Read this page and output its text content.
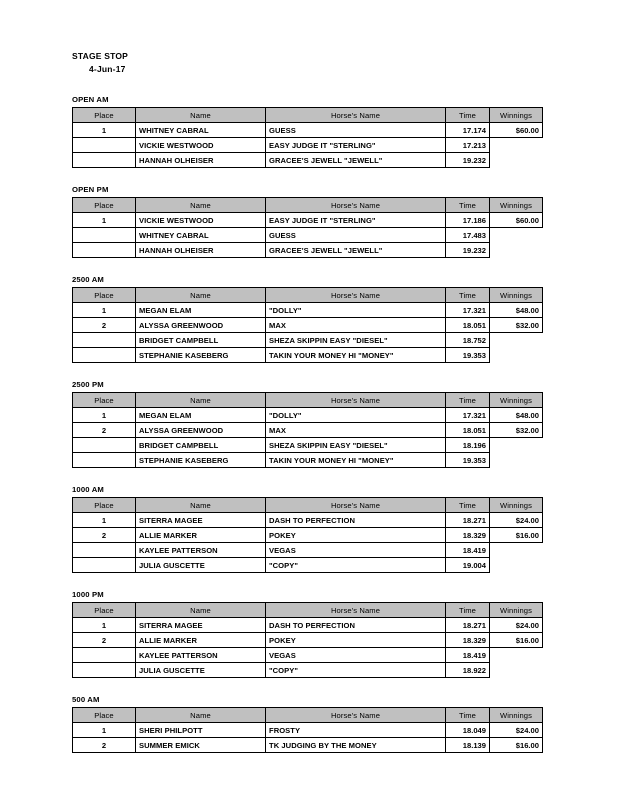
STAGE STOP
4-Jun-17
OPEN AM
Place	Name	Horse's Name	Time	Winnings
1	WHITNEY CABRAL	GUESS	17.174	$60.00
	VICKIE WESTWOOD	EASY JUDGE IT "STERLING"	17.213	
	HANNAH OLHEISER	GRACEE'S JEWELL "JEWELL"	19.232	
OPEN PM
Place	Name	Horse's Name	Time	Winnings
1	VICKIE WESTWOOD	EASY JUDGE IT "STERLING"	17.186	$60.00
	WHITNEY CABRAL	GUESS	17.483	
	HANNAH OLHEISER	GRACEE'S JEWELL "JEWELL"	19.232	
2500 AM
Place	Name	Horse's Name	Time	Winnings
1	MEGAN ELAM	"DOLLY"	17.321	$48.00
2	ALYSSA GREENWOOD	MAX	18.051	$32.00
	BRIDGET CAMPBELL	SHEZA SKIPPIN EASY "DIESEL"	18.752	
	STEPHANIE KASEBERG	TAKIN YOUR MONEY HI "MONEY"	19.353	
2500 PM
Place	Name	Horse's Name	Time	Winnings
1	MEGAN ELAM	"DOLLY"	17.321	$48.00
2	ALYSSA GREENWOOD	MAX	18.051	$32.00
	BRIDGET CAMPBELL	SHEZA SKIPPIN EASY "DIESEL"	18.196	
	STEPHANIE KASEBERG	TAKIN YOUR MONEY HI "MONEY"	19.353	
1000 AM
Place	Name	Horse's Name	Time	Winnings
1	SITERRA MAGEE	DASH TO PERFECTION	18.271	$24.00
2	ALLIE MARKER	POKEY	18.329	$16.00
	KAYLEE PATTERSON	VEGAS	18.419	
	JULIA GUSCETTE	"COPY"	19.004	
1000 PM
Place	Name	Horse's Name	Time	Winnings
1	SITERRA MAGEE	DASH TO PERFECTION	18.271	$24.00
2	ALLIE MARKER	POKEY	18.329	$16.00
	KAYLEE PATTERSON	VEGAS	18.419	
	JULIA GUSCETTE	"COPY"	18.922	
500 AM
Place	Name	Horse's Name	Time	Winnings
1	SHERI PHILPOTT	FROSTY	18.049	$24.00
2	SUMMER EMICK	TK JUDGING BY THE MONEY	18.139	$16.00
